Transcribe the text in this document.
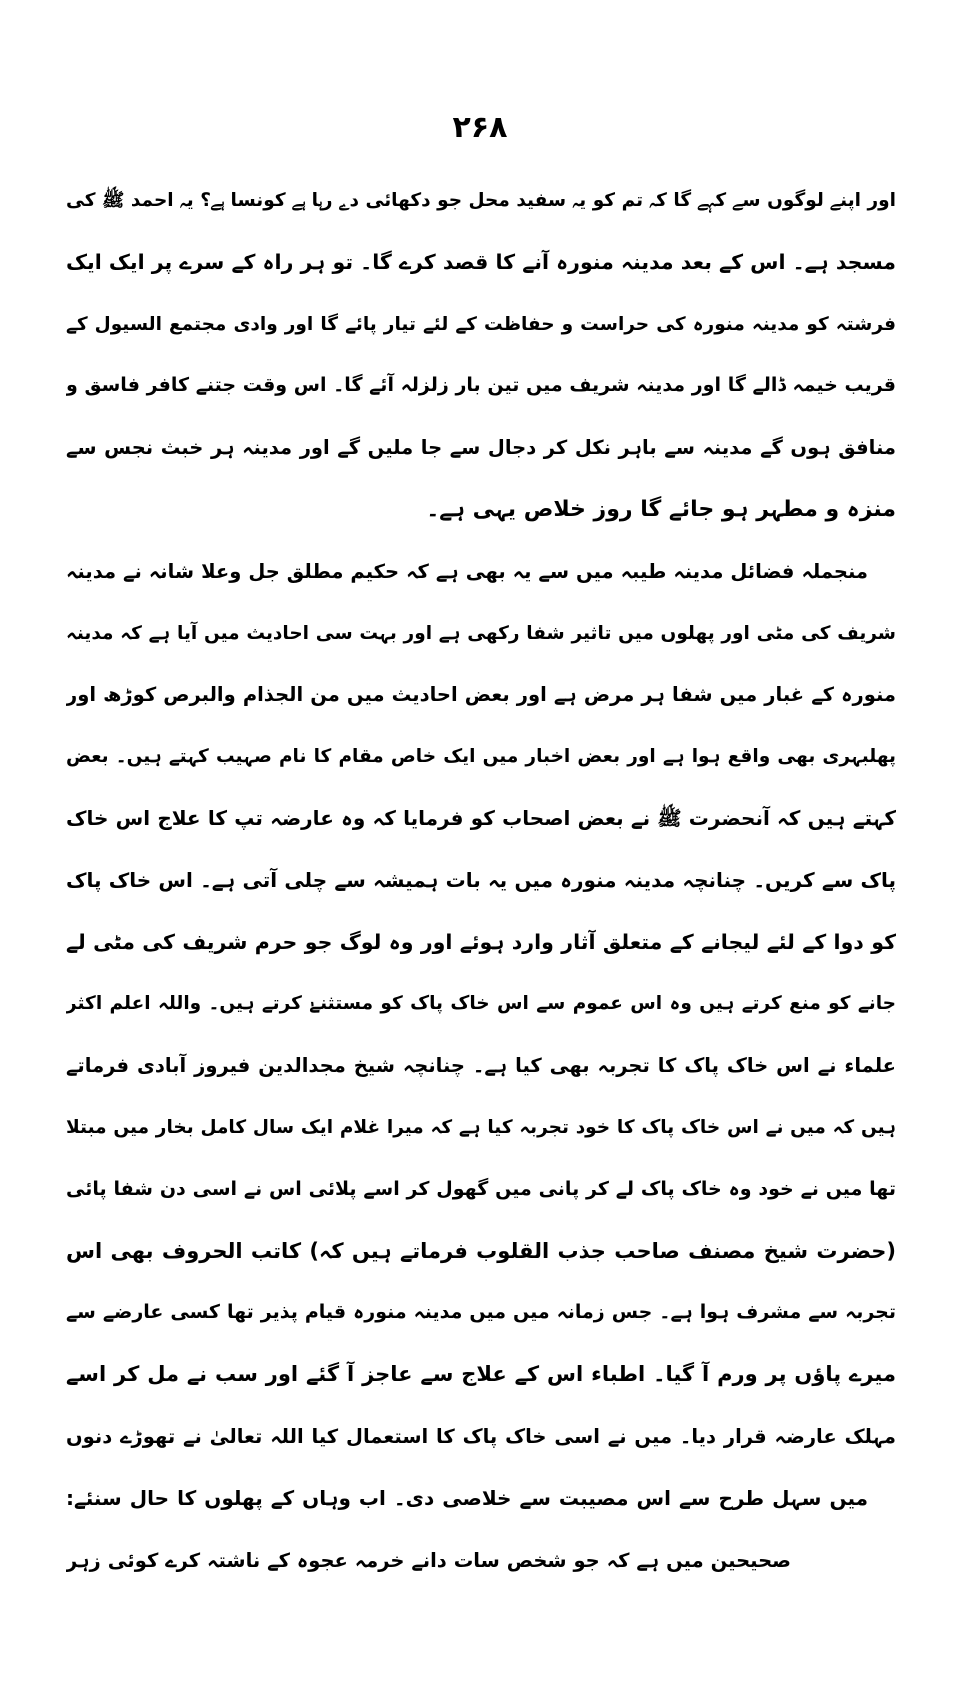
۲۶۸
اور اپنے لوگوں سے کہے گا کہ تم کو یہ سفید محل جو دکھائی دے رہا ہے کونسا ہے؟ یہ احمد ﷺ کی
مسجد ہے۔ اس کے بعد مدینہ منورہ آنے کا قصد کرے گا۔ تو ہر راہ کے سرے پر ایک ایک
فرشتہ کو مدینہ منورہ کی حراست و حفاظت کے لئے تیار پائے گا اور وادی مجتمع السیول کے
قریب خیمہ ڈالے گا اور مدینہ شریف میں تین بار زلزلہ آئے گا۔ اس وقت جتنے کافر فاسق و
منافق ہوں گے مدینہ سے باہر نکل کر دجال سے جا ملیں گے اور مدینہ ہر خبث نجس سے
منزہ و مطہر ہو جائے گا روز خلاص یہی ہے۔
منجملہ فضائل مدینہ طیبہ میں سے یہ بھی ہے کہ حکیم مطلق جل وعلا شانہ نے مدینہ
شریف کی مٹی اور پھلوں میں تاثیر شفا رکھی ہے اور بہت سی احادیث میں آیا ہے کہ مدینہ
منورہ کے غبار میں شفا ہر مرض ہے اور بعض احادیث میں من الجذام والبرص کوڑھ اور
پھلبہری بھی واقع ہوا ہے اور بعض اخبار میں ایک خاص مقام کا نام صہیب کہتے ہیں۔ بعض
کہتے ہیں کہ آنحضرت ﷺ نے بعض اصحاب کو فرمایا کہ وہ عارضہ تپ کا علاج اس خاک
پاک سے کریں۔ چنانچہ مدینہ منورہ میں یہ بات ہمیشہ سے چلی آتی ہے۔ اس خاک پاک
کو دوا کے لئے لیجانے کے متعلق آثار وارد ہوئے اور وہ لوگ جو حرم شریف کی مٹی لے
جانے کو منع کرتے ہیں وہ اس عموم سے اس خاک پاک کو مستثنےٰ کرتے ہیں۔ واللہ اعلم اکثر
علماء نے اس خاک پاک کا تجربہ بھی کیا ہے۔ چنانچہ شیخ مجدالدین فیروز آبادی فرماتے
ہیں کہ میں نے اس خاک پاک کا خود تجربہ کیا ہے کہ میرا غلام ایک سال کامل بخار میں مبتلا
تھا میں نے خود وہ خاک پاک لے کر پانی میں گھول کر اسے پلائی اس نے اسی دن شفا پائی
(حضرت شیخ مصنف صاحب جذب القلوب فرماتے ہیں کہ) کاتب الحروف بھی اس
تجربہ سے مشرف ہوا ہے۔ جس زمانہ میں میں مدینہ منورہ قیام پذیر تھا کسی عارضے سے
میرے پاؤں پر ورم آ گیا۔ اطباء اس کے علاج سے عاجز آ گئے اور سب نے مل کر اسے
مہلک عارضہ قرار دیا۔ میں نے اسی خاک پاک کا استعمال کیا اللہ تعالیٰ نے تھوڑے دنوں
میں سہل طرح سے اس مصیبت سے خلاصی دی۔ اب وہاں کے پھلوں کا حال سنئے:
صحیحین میں ہے کہ جو شخص سات دانے خرمہ عجوہ کے ناشتہ کرے کوئی زہر
